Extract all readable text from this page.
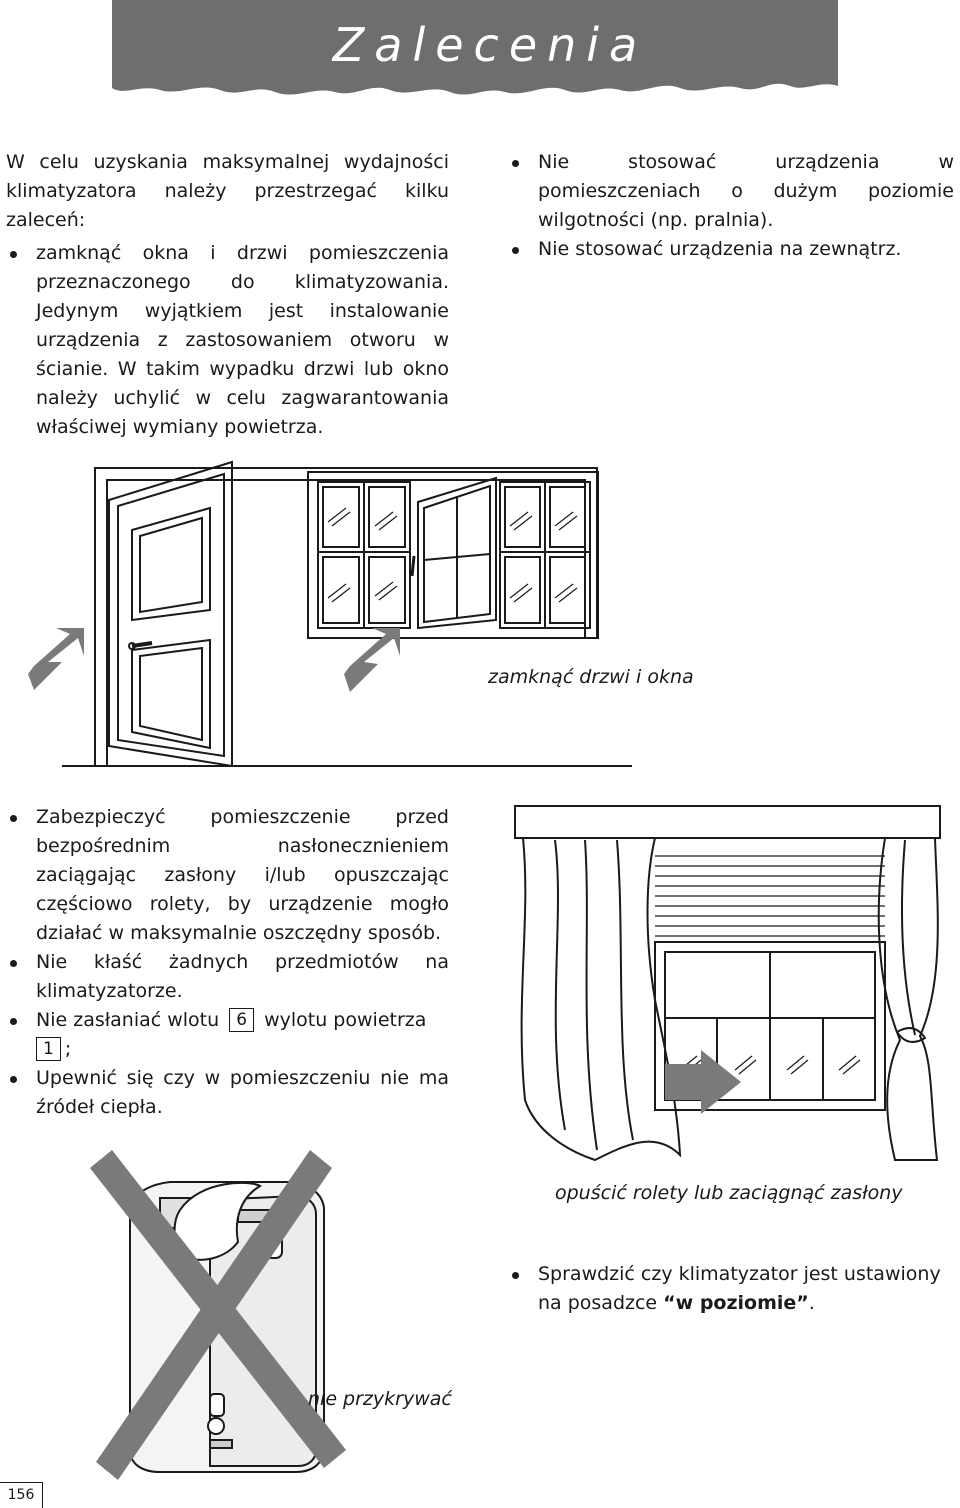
Zalecenia
W celu uzyskania maksymalnej wydajności klimatyzatora należy przestrzegać kilku zaleceń:
zamknąć okna i drzwi pomieszczenia przeznaczonego do klimatyzowania. Jedynym wyjątkiem jest instalowanie urządzenia z zastosowaniem otworu w ścianie. W takim wypadku drzwi lub okno należy uchylić w celu zagwarantowania właściwej wymiany powietrza.
Nie stosować urządzenia w pomieszczeniach o dużym poziomie wilgotności (np. pralnia).
Nie stosować urządzenia na zewnątrz.
zamknąć drzwi i okna
Zabezpieczyć pomieszczenie przed bezpośrednim nasłonecznieniem zaciągając zasłony i/lub opuszczając częściowo rolety, by urządzenie mogło działać w maksymalnie oszczędny sposób.
Nie kłaść żadnych przedmiotów na klimatyzatorze.
Nie zasłaniać wlotu 6 wylotu powietrza
1 ;
Upewnić się czy w pomieszczeniu nie ma źródeł ciepła.
opuścić rolety lub zaciągnąć zasłony
Sprawdzić czy klimatyzator jest ustawiony na posadzce “w poziomie”.
nie przykrywać
156
